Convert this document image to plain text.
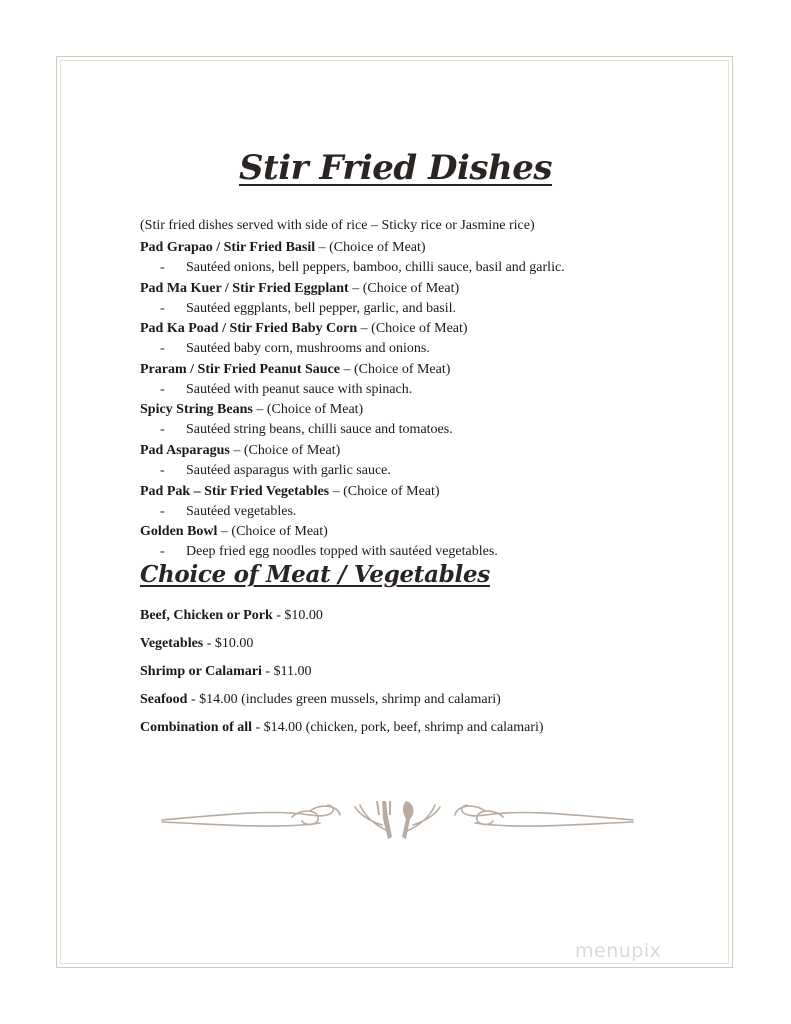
Stir Fried Dishes
(Stir fried dishes served with side of rice – Sticky rice or Jasmine rice)
Pad Grapao / Stir Fried Basil – (Choice of Meat)
- Sautéed onions, bell peppers, bamboo, chilli sauce, basil and garlic.
Pad Ma Kuer / Stir Fried Eggplant – (Choice of Meat)
- Sautéed eggplants, bell pepper, garlic, and basil.
Pad Ka Poad / Stir Fried Baby Corn – (Choice of Meat)
- Sautéed baby corn, mushrooms and onions.
Praram / Stir Fried Peanut Sauce – (Choice of Meat)
- Sautéed with peanut sauce with spinach.
Spicy String Beans – (Choice of Meat)
- Sautéed string beans, chilli sauce and tomatoes.
Pad Asparagus – (Choice of Meat)
- Sautéed asparagus with garlic sauce.
Pad Pak – Stir Fried Vegetables – (Choice of Meat)
- Sautéed vegetables.
Golden Bowl – (Choice of Meat)
- Deep fried egg noodles topped with sautéed vegetables.
Choice of Meat / Vegetables
Beef, Chicken or Pork - $10.00
Vegetables - $10.00
Shrimp or Calamari - $11.00
Seafood - $14.00 (includes green mussels, shrimp and calamari)
Combination of all - $14.00 (chicken, pork, beef, shrimp and calamari)
menupix
